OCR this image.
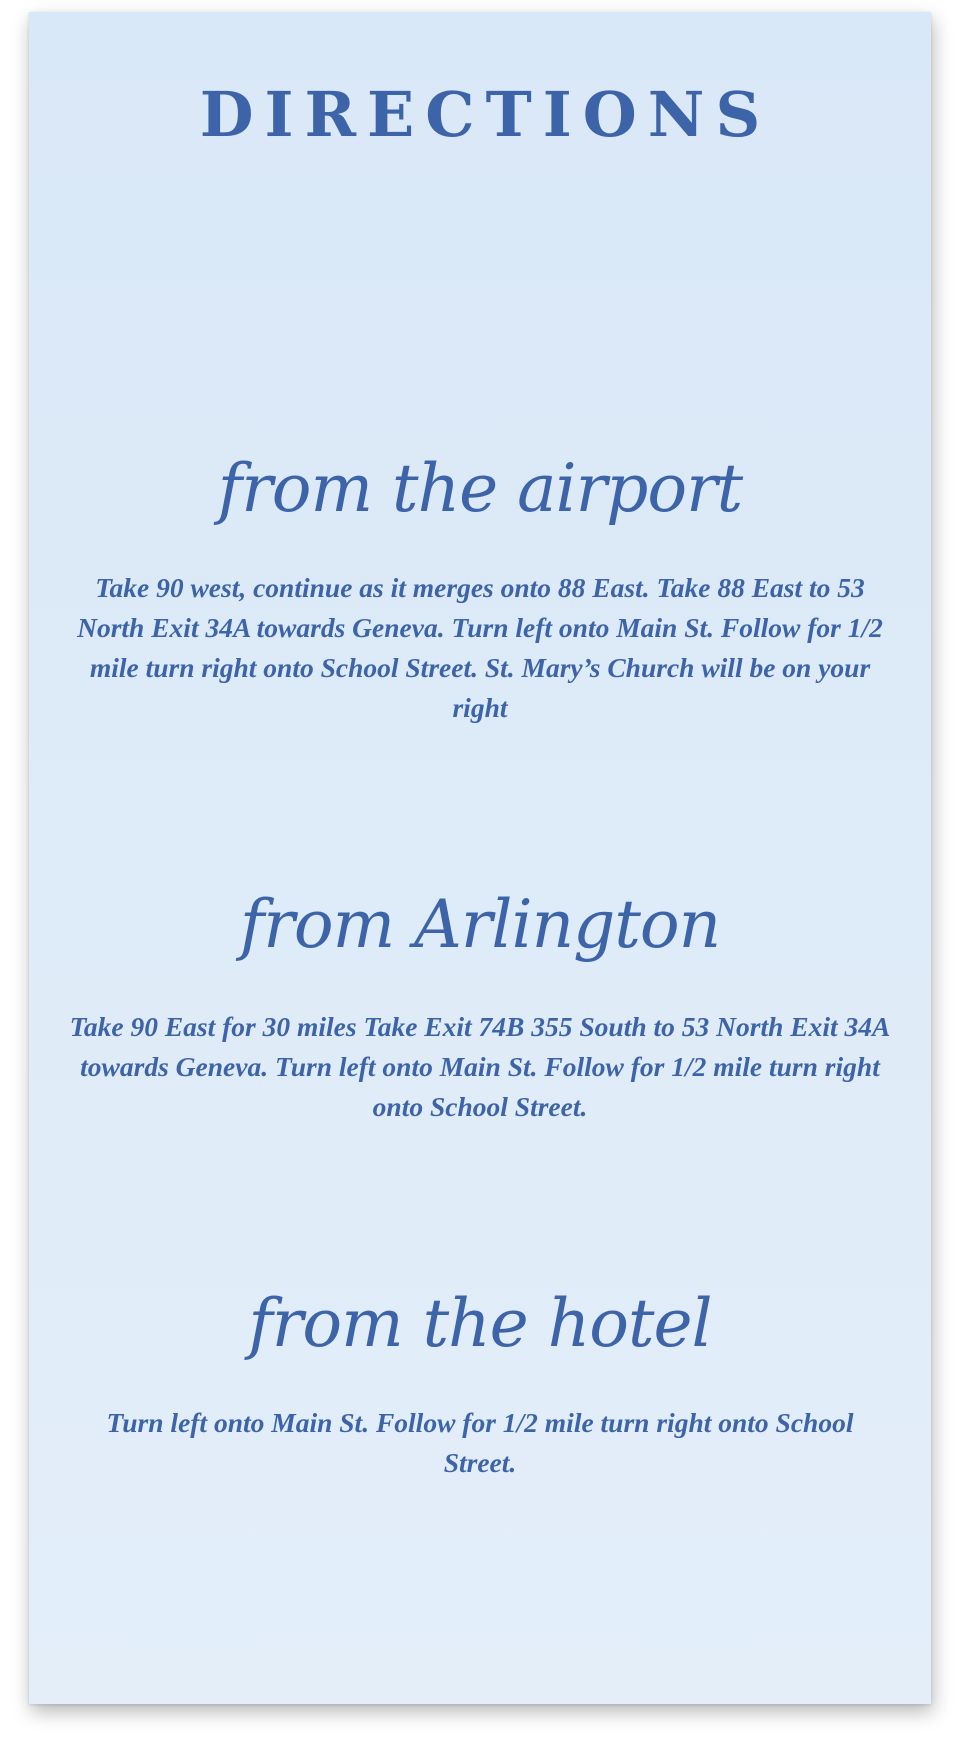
DIRECTIONS
from the airport
Take 90 west, continue as it merges onto 88 East. Take 88 East to 53 North Exit 34A towards Geneva. Turn left onto Main St. Follow for 1/2 mile turn right onto School Street. St. Mary’s Church will be on your right
from Arlington
Take 90 East for 30 miles Take Exit 74B 355 South to 53 North Exit 34A towards Geneva. Turn left onto Main St. Follow for 1/2 mile turn right onto School Street.
from the hotel
Turn left onto Main St. Follow for 1/2 mile turn right onto School Street.
